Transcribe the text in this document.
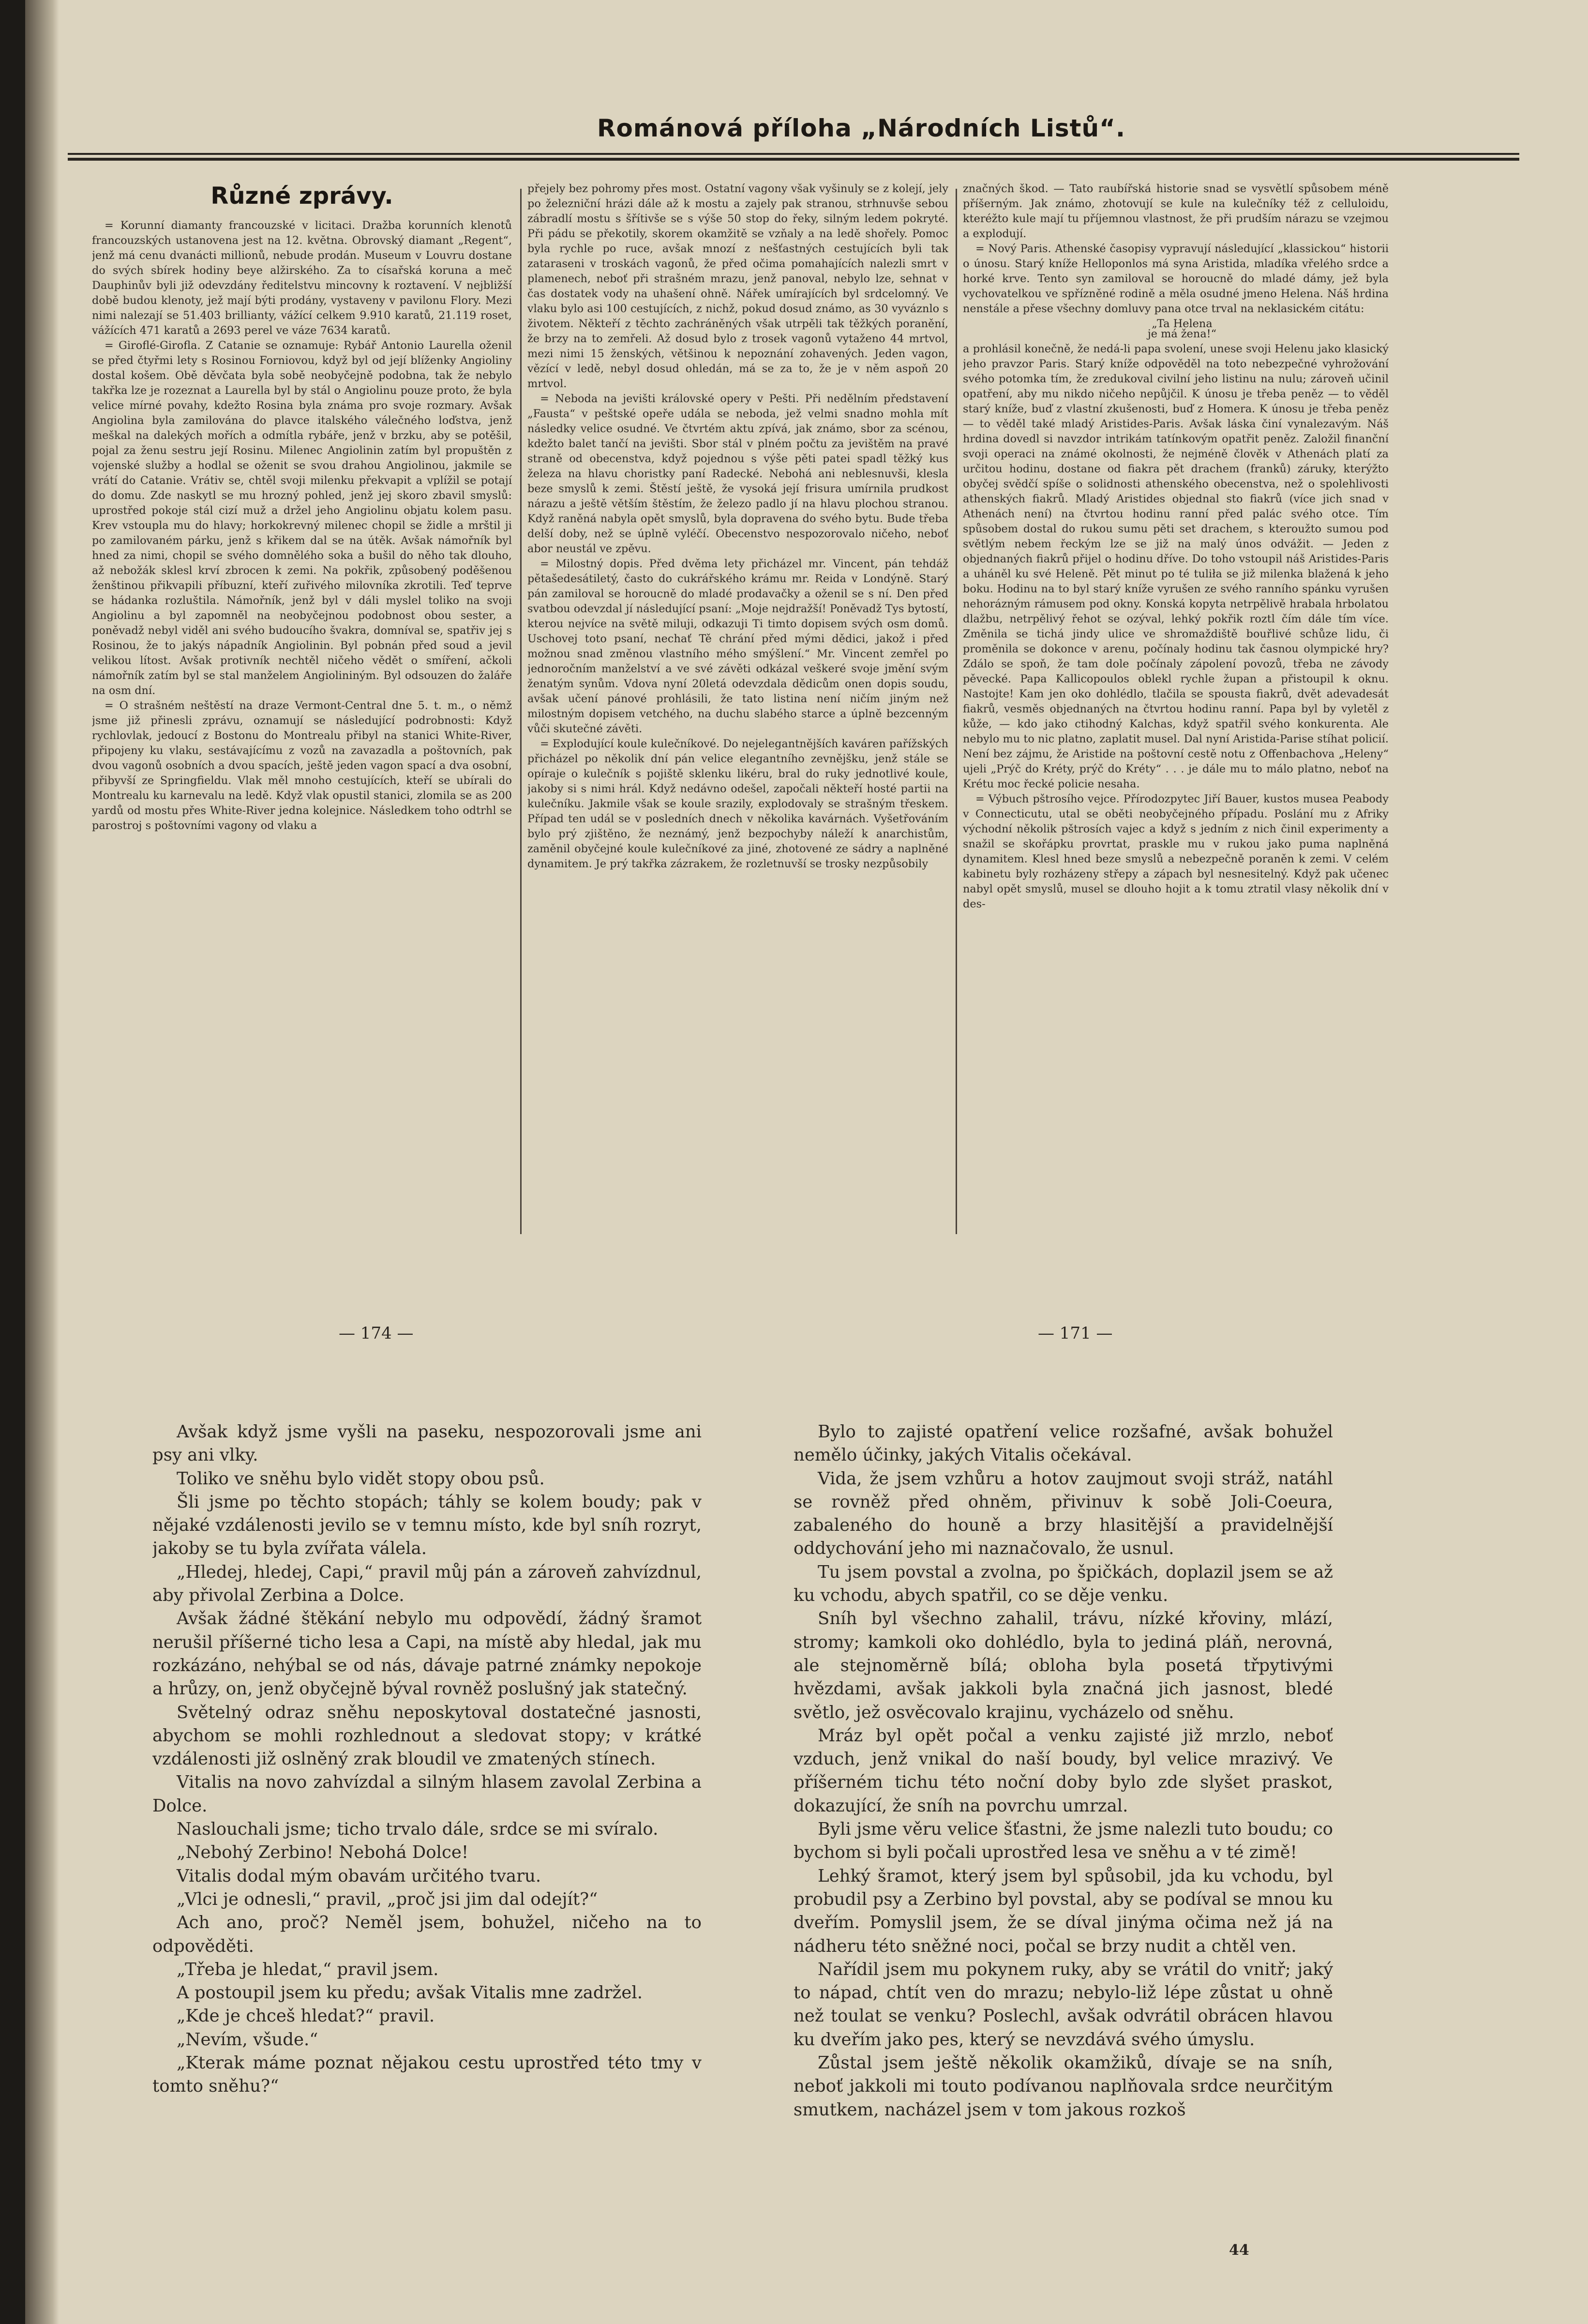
Románová příloha „Národních Listů“.
Různé zprávy.

= Korunní diamanty francouzské v licitaci. Dražba korunních klenotů francouzských ustanovena jest na 12. května. Obrovský diamant „Regent“, jenž má cenu dvanácti millionů, nebude prodán. Museum v Louvru dostane do svých sbírek hodiny beye alžirského. Za to císařská koruna a meč Dauphinův byli již odevzdány ředitelstvu mincovny k roztavení. V nejbližší době budou klenoty, jež mají býti prodány, vystaveny v pavilonu Flory. Mezi nimi nalezají se 51.403 brillianty, vážící celkem 9.910 karatů, 21.119 roset, vážících 471 karatů a 2693 perel ve váze 7634 karatů.

= Giroflé-Girofla. Z Catanie se oznamuje: Rybář Antonio Laurella oženil se před čtyřmi lety s Rosinou Forniovou, když byl od její blíženky Angioliny dostal košem. Obě děvčata byla sobě neobyčejně podobna, tak že nebylo takřka lze je rozeznat a Laurella byl by stál o Angiolinu pouze proto, že byla velice mírné povahy, kdežto Rosina byla známa pro svoje rozmary. Avšak Angiolina byla zamilována do plavce italského válečného loďstva, jenž meškal na dalekých mořích a odmítla rybáře, jenž v brzku, aby se potěšil, pojal za ženu sestru její Rosinu. Milenec Angiolinin zatím byl propuštěn z vojenské služby a hodlal se oženit se svou drahou Angiolinou, jakmile se vrátí do Catanie. Vrátiv se, chtěl svoji milenku překvapit a vplížil se potají do domu. Zde naskytl se mu hrozný pohled, jenž jej skoro zbavil smyslů: uprostřed pokoje stál cizí muž a držel jeho Angiolinu objatu kolem pasu. Krev vstoupla mu do hlavy; horkokrevný milenec chopil se židle a mrštil ji po zamilovaném párku, jenž s křikem dal se na útěk. Avšak námořník byl hned za nimi, chopil se svého domnělého soka a bušil do něho tak dlouho, až nebožák sklesl krví zbrocen k zemi. Na pokřik, způsobený poděšenou ženštinou přikvapili příbuzní, kteří zuřivého milovníka zkrotili. Teď teprve se hádanka rozluštila. Námořník, jenž byl v dáli myslel toliko na svoji Angiolinu a byl zapomněl na neobyčejnou podobnost obou sester, a poněvadž nebyl viděl ani svého budoucího švakra, domníval se, spatřiv jej s Rosinou, že to jakýs nápadník Angiolinin. Byl pobnán před soud a jevil velikou lítost. Avšak protivník nechtěl ničeho vědět o smíření, ačkoli námořník zatím byl se stal manželem Angiolininým. Byl odsouzen do žaláře na osm dní.

= O strašném neštěstí na draze Vermont-Central dne 5. t. m., o němž jsme již přinesli zprávu, oznamují se následující podrobnosti: Když rychlovlak, jedoucí z Bostonu do Montrealu přibyl na stanici White-River, připojeny ku vlaku, sestávajícímu z vozů na zavazadla a poštovních, pak dvou vagonů osobních a dvou spacích, ještě jeden vagon spací a dva osobní, přibyvší ze Springfieldu. Vlak měl mnoho cestujících, kteří se ubírali do Montrealu ku karnevalu na ledě. Když vlak opustil stanici, zlomila se as 200 yardů od mostu přes White-River jedna kolejnice. Následkem toho odtrhl se parostroj s poštovními vagony od vlaku a

přejely bez pohromy přes most. Ostatní vagony však vyšinuly se z kolejí, jely po železniční hrázi dále až k mostu a zajely pak stranou, strhnuvše sebou zábradlí mostu s šřítivše se s výše 50 stop do řeky, silným ledem pokryté. Při pádu se překotily, skorem okamžitě se vzňaly a na ledě shořely. Pomoc byla rychle po ruce, avšak mnozí z nešťastných cestujících byli tak zataraseni v troskách vagonů, že před očima pomahajících nalezli smrt v plamenech, neboť při strašném mrazu, jenž panoval, nebylo lze, sehnat v čas dostatek vody na uhašení ohně. Nářek umírajících byl srdcelomný. Ve vlaku bylo asi 100 cestujících, z nichž, pokud dosud známo, as 30 vyváznlo s životem. Někteří z těchto zachráněných však utrpěli tak těžkých poranění, že brzy na to zemřeli. Až dosud bylo z trosek vagonů vytaženo 44 mrtvol, mezi nimi 15 ženských, většinou k nepoznání zohavených. Jeden vagon, vězící v ledě, nebyl dosud ohledán, má se za to, že je v něm aspoň 20 mrtvol.

= Neboda na jevišti královské opery v Pešti. Při nedělním představení „Fausta“ v peštské opeře udála se neboda, jež velmi snadno mohla mít následky velice osudné. Ve čtvrtém aktu zpívá, jak známo, sbor za scénou, kdežto balet tančí na jevišti. Sbor stál v plném počtu za jevištěm na pravé straně od obecenstva, když pojednou s výše pěti patei spadl těžký kus železa na hlavu choristky paní Radecké. Nebohá ani neblesnuvši, klesla beze smyslů k zemi. Štěstí ještě, že vysoká její frisura umírnila prudkost nárazu a ještě větším štěstím, že železo padlo jí na hlavu plochou stranou. Když raněná nabyla opět smyslů, byla dopravena do svého bytu. Bude třeba delší doby, než se úplně vyléčí. Obecenstvo nespozorovalo ničeho, neboť abor neustál ve zpěvu.

= Milostný dopis. Před dvěma lety přicházel mr. Vincent, pán tehdáž pětašedesátiletý, často do cukrářského krámu mr. Reida v Londýně. Starý pán zamiloval se horoucně do mladé prodavačky a oženil se s ní. Den před svatbou odevzdal jí následující psaní: „Moje nejdražší! Poněvadž Tys bytostí, kterou nejvíce na světě miluji, odkazuji Ti timto dopisem svých osm domů. Uschovej toto psaní, nechať Tě chrání před mými dědici, jakož i před možnou snad změnou vlastního mého smýšlení.“ Mr. Vincent zemřel po jednoročním manželství a ve své závěti odkázal veškeré svoje jmění svým ženatým synům. Vdova nyní 20letá odevzdala dědicům onen dopis soudu, avšak učení pánové prohlásili, že tato listina není ničím jiným než milostným dopisem vetchého, na duchu slabého starce a úplně bezcenným vůči skutečné závěti.

= Explodující koule kulečníkové. Do nejelegantnějších kaváren pařížských přicházel po několik dní pán velice elegantního zevnějšku, jenž stále se opíraje o kulečník s pojiště sklenku likéru, bral do ruky jednotlivé koule, jakoby si s nimi hrál. Když nedávno odešel, započali někteří hosté partii na kulečníku. Jakmile však se koule srazily, explodovaly se strašným třeskem. Případ ten udál se v posledních dnech v několika kavárnách. Vyšetřováním bylo prý zjištěno, že neznámý, jenž bezpochyby náleží k anarchistům, zaměnil obyčejné koule kulečníkové za jiné, zhotovené ze sádry a naplněné dynamitem. Je prý takřka zázrakem, že rozletnuvší se trosky nezpůsobily

značných škod. — Tato raubířská historie snad se vysvětlí spůsobem méně příšerným. Jak známo, zhotovují se kule na kulečníky též z celluloidu, kteréžto kule mají tu příjemnou vlastnost, že při prudším nárazu se vzejmou a explodují.

= Nový Paris. Athenské časopisy vypravují následující „klassickou“ historii o únosu. Starý kníže Helloponlos má syna Aristida, mladíka vřelého srdce a horké krve. Tento syn zamiloval se horoucně do mladé dámy, jež byla vychovatelkou ve spřízněné rodině a měla osudné jmeno Helena. Náš hrdina nenstále a přese všechny domluvy pana otce trval na neklasickém citátu:

„Ta Helena

je má žena!“

a prohlásil konečně, že nedá-li papa svolení, unese svoji Helenu jako klasický jeho pravzor Paris. Starý kníže odpověděl na toto nebezpečné vyhrožování svého potomka tím, že zredukoval civilní jeho listinu na nulu; zároveň učinil opatření, aby mu nikdo ničeho nepůjčil. K únosu je třeba peněz — to věděl starý kníže, buď z vlastní zkušenosti, buď z Homera. K únosu je třeba peněz — to věděl také mladý Aristides-Paris. Avšak láska činí vynalezavým. Náš hrdina dovedl si navzdor intrikám tatínkovým opatřit peněz. Založil finanční svoji operaci na známé okolnosti, že nejméně člověk v Athenách platí za určitou hodinu, dostane od fiakra pět drachem (franků) záruky, kterýžto obyčej svědčí spíše o solidnosti athenského obecenstva, než o spolehlivosti athenských fiakrů. Mladý Aristides objednal sto fiakrů (více jich snad v Athenách není) na čtvrtou hodinu ranní před palác svého otce. Tím spůsobem dostal do rukou sumu pěti set drachem, s kteroužto sumou pod světlým nebem řeckým lze se již na malý únos odvážit. — Jeden z objednaných fiakrů přijel o hodinu dříve. Do toho vstoupil náš Aristides-Paris a uháněl ku své Heleně. Pět minut po té tuliła se již milenka blažená k jeho boku. Hodinu na to byl starý kníže vyrušen ze svého ranního spánku vyrušen nehorázným rámusem pod okny. Konská kopyta netrpělivě hrabala hrbolatou dlažbu, netrpělivý řehot se ozýval, lehký pokřik roztl čím dále tím více. Změnila se tichá jindy ulice ve shromaždiště bouřlivé schůze lidu, či proměnila se dokonce v arenu, počínaly hodinu tak časnou olympické hry? Zdálo se spoň, že tam dole počínaly zápolení povozů, třeba ne závody pěvecké. Papa Kallicopoulos oblekl rychle župan a přistoupil k oknu. Nastojte! Kam jen oko dohlédlo, tlačila se spousta fiakrů, dvět adevadesát fiakrů, vesměs objednaných na čtvrtou hodinu ranní. Papa byl by vyletěl z kůže, — kdo jako ctihodný Kalchas, když spatřil svého konkurenta. Ale nebylo mu to nic platno, zaplatit musel. Dal nyní Aristida-Parise stíhat policií. Není bez zájmu, že Aristide na poštovní cestě notu z Offenbachova „Heleny“ ujeli „Prýč do Kréty, prýč do Kréty“ . . . je dále mu to málo platno, neboť na Krétu moc řecké policie nesaha.

= Výbuch pštrosího vejce. Přírodozpytec Jiří Bauer, kustos musea Peabody v Connecticutu, utal se oběti neobyčejného případu. Poslání mu z Afriky východní několik pštrosích vajec a když s jedním z nich činil experimenty a snažil se skořápku provrtat, praskle mu v rukou jako puma naplněná dynamitem. Klesl hned beze smyslů a nebezpečně poraněn k zemi. V celém kabinetu byly rozházeny střepy a zápach byl nesnesitelný. Když pak učenec nabyl opět smyslů, musel se dlouho hojit a k tomu ztratil vlasy několik dní v des-

— 174 —	— 171 —

Avšak když jsme vyšli na paseku, nespozorovali jsme ani psy ani vlky.

Toliko ve sněhu bylo vidět stopy obou psů.

Šli jsme po těchto stopách; táhly se kolem boudy; pak v nějaké vzdálenosti jevilo se v temnu místo, kde byl sníh rozryt, jakoby se tu byla zvířata válela.

„Hledej, hledej, Capi,“ pravil můj pán a zároveň zahvízdnul, aby přivolal Zerbina a Dolce.

Avšak žádné štěkání nebylo mu odpovědí, žádný šramot nerušil příšerné ticho lesa a Capi, na místě aby hledal, jak mu rozkázáno, nehýbal se od nás, dávaje patrné známky nepokoje a hrůzy, on, jenž obyčejně býval rovněž poslušný jak statečný.

Světelný odraz sněhu neposkytoval dostatečné jasnosti, abychom se mohli rozhlednout a sledovat stopy; v krátké vzdálenosti již oslněný zrak bloudil ve zmatených stínech.

Vitalis na novo zahvízdal a silným hlasem zavolal Zerbina a Dolce.

Naslouchali jsme; ticho trvalo dále, srdce se mi svíralo.

„Nebohý Zerbino! Nebohá Dolce!

Vitalis dodal mým obavám určitého tvaru.

„Vlci je odnesli,“ pravil, „proč jsi jim dal odejít?“

Ach ano, proč? Neměl jsem, bohužel, ničeho na to odpověděti.

„Třeba je hledat,“ pravil jsem.

A postoupil jsem ku předu; avšak Vitalis mne zadržel.

„Kde je chceš hledat?“ pravil.

„Nevím, všude.“

„Kterak máme poznat nějakou cestu uprostřed této tmy v tomto sněhu?“

Bylo to zajisté opatření velice rozšafné, avšak bohužel nemělo účinky, jakých Vitalis očekával.

Vida, že jsem vzhůru a hotov zaujmout svoji stráž, natáhl se rovněž před ohněm, přivinuv k sobě Joli-Coeura, zabaleného do houně a brzy hlasitější a pravidelnější oddychování jeho mi naznačovalo, že usnul.

Tu jsem povstal a zvolna, po špičkách, doplazil jsem se až ku vchodu, abych spatřil, co se děje venku.

Sníh byl všechno zahalil, trávu, nízké křoviny, mlází, stromy; kamkoli oko dohlédlo, byla to jediná pláň, nerovná, ale stejnoměrně bílá; obloha byla posetá třpytivými hvězdami, avšak jakkoli byla značná jich jasnost, bledé světlo, jež osvěcovalo krajinu, vycházelo od sněhu.

Mráz byl opět počal a venku zajisté již mrzlo, neboť vzduch, jenž vnikal do naší boudy, byl velice mrazivý. Ve příšerném tichu této noční doby bylo zde slyšet praskot, dokazující, že sníh na povrchu umrzal.

Byli jsme věru velice šťastni, že jsme nalezli tuto boudu; co bychom si byli počali uprostřed lesa ve sněhu a v té zimě!

Lehký šramot, který jsem byl spůsobil, jda ku vchodu, byl probudil psy a Zerbino byl povstal, aby se podíval se mnou ku dveřím. Pomyslil jsem, že se díval jinýma očima než já na nádheru této sněžné noci, počal se brzy nudit a chtěl ven.

Nařídil jsem mu pokynem ruky, aby se vrátil do vnitř; jaký to nápad, chtít ven do mrazu; nebylo-liž lépe zůstat u ohně než toulat se venku? Poslechl, avšak odvrátil obrácen hlavou ku dveřím jako pes, který se nevzdává svého úmyslu.

Zůstal jsem ještě několik okamžiků, dívaje se na sníh, neboť jakkoli mi touto podívanou naplňovala srdce neurčitým smutkem, nacházel jsem v tom jakous rozkoš

44
